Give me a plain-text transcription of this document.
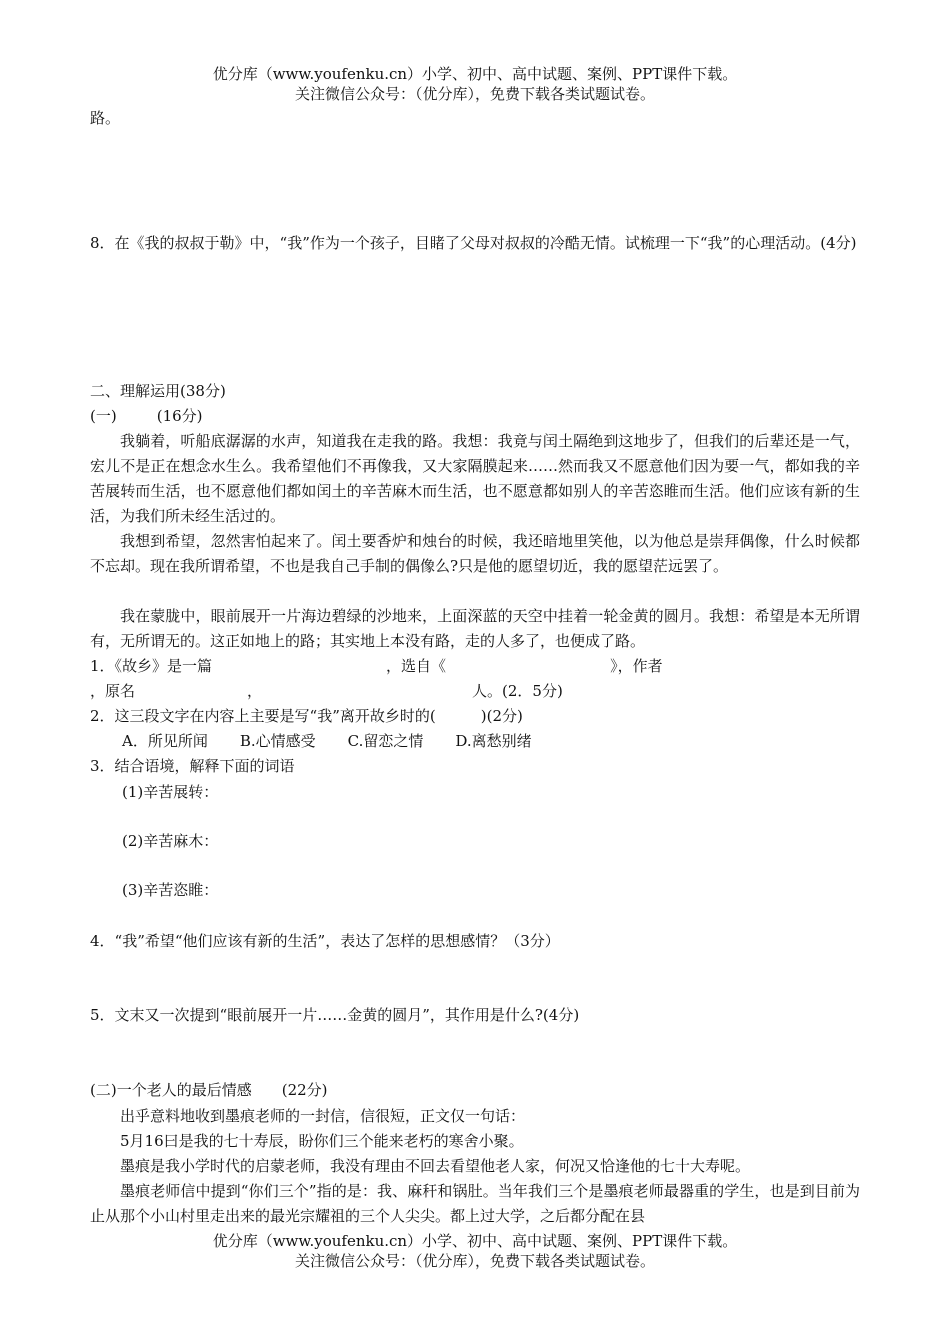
优分库（www.youfenku.cn）小学、初中、高中试题、案例、PPT课件下载。
关注微信公众号：（优分库），免费下载各类试题试卷。
路。
8．在《我的叔叔于勒》中，“我”作为一个孩子，目睹了父母对叔叔的冷酷无情。试梳理一下“我”的心理活动。(4分)
二、理解运用(38分)
(一)	(16分)
我躺着，听船底潺潺的水声，知道我在走我的路。我想：我竟与闰土隔绝到这地步了，但我们的后辈还是一气，宏儿不是正在想念水生么。我希望他们不再像我，又大家隔膜起来……然而我又不愿意他们因为要一气，都如我的辛苦展转而生活，也不愿意他们都如闰土的辛苦麻木而生活，也不愿意都如别人的辛苦恣睢而生活。他们应该有新的生活，为我们所未经生活过的。
我想到希望，忽然害怕起来了。闰土要香炉和烛台的时候，我还暗地里笑他，以为他总是崇拜偶像，什么时候都不忘却。现在我所谓希望，不也是我自己手制的偶像么?只是他的愿望切近，我的愿望茫远罢了。
我在蒙胧中，眼前展开一片海边碧绿的沙地来，上面深蓝的天空中挂着一轮金黄的圆月。我想：希望是本无所谓有，无所谓无的。这正如地上的路；其实地上本没有路，走的人多了，也便成了路。
1．《故乡》是一篇	，选自《	》，作者
，原名	，	人。(2．5分)
2．这三段文字在内容上主要是写“我”离开故乡时的(　　　)(2分)
A．所见所闻 B.心情感受 C.留恋之情 D.离愁别绪
3．结合语境，解释下面的词语
(1)辛苦展转：
(2)辛苦麻木：
(3)辛苦恣睢：
4．“我”希望“他们应该有新的生活”，表达了怎样的思想感情？（3分）
5．文末又一次提到“眼前展开一片……金黄的圆月”，其作用是什么?(4分)
(二)一个老人的最后情感 (22分)
出乎意料地收到墨痕老师的一封信，信很短，正文仅一句话：
5月16曰是我的七十寿辰，盼你们三个能来老朽的寒舍小聚。
墨痕是我小学时代的启蒙老师，我没有理由不回去看望他老人家，何况又恰逢他的七十大寿呢。
墨痕老师信中提到“你们三个”指的是：我、麻秆和锅肚。当年我们三个是墨痕老师最器重的学生，也是到目前为止从那个小山村里走出来的最光宗耀祖的三个人尖尖。都上过大学，之后都分配在县
优分库（www.youfenku.cn）小学、初中、高中试题、案例、PPT课件下载。
关注微信公众号：（优分库），免费下载各类试题试卷。
